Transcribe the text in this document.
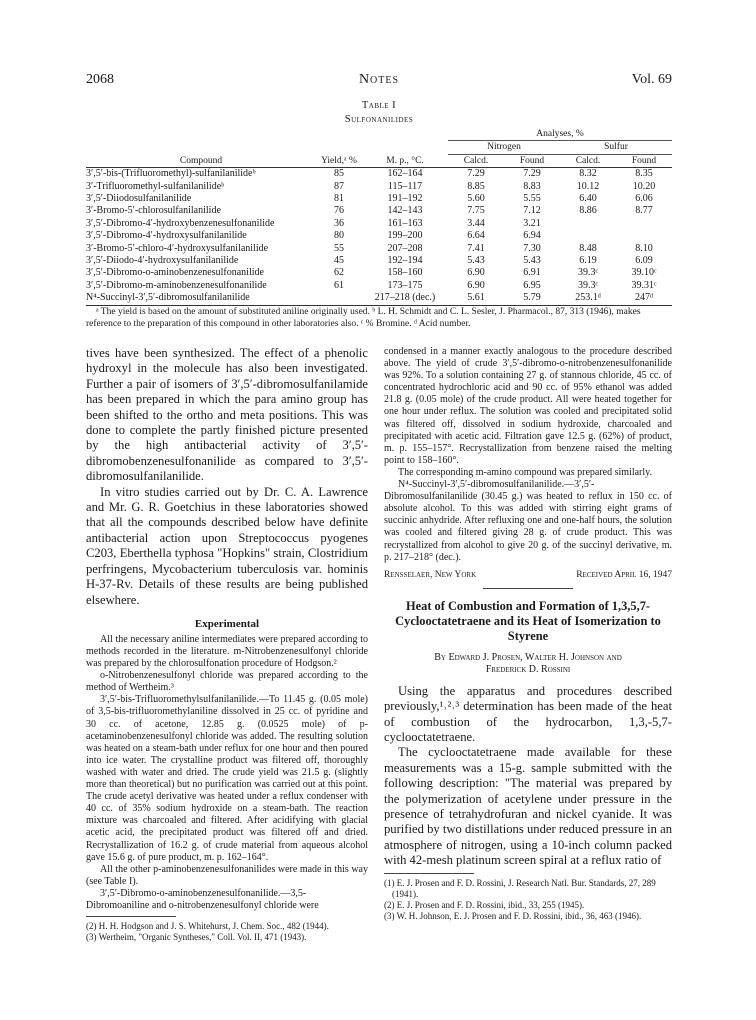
2068	Notes	Vol. 69
Table I
Sulfonanilides
			Analyses, %			
			Nitrogen		Sulfur	
Compound	Yield,ᵃ %	M. p., °C.	Calcd.	Found	Calcd.	Found
3′,5′-bis-(Trifluoromethyl)-sulfanilanilideᵇ	85	162–164	7.29	7.29	8.32	8.35
3′-Trifluoromethyl-sulfanilanilideᵇ	87	115–117	8.85	8.83	10.12	10.20
3′,5′-Diiodosulfanilanilide	81	191–192	5.60	5.55	6.40	6.06
3′-Bromo-5′-chlorosulfanilanilide	76	142–143	7.75	7.12	8.86	8.77
3′,5′-Dibromo-4′-hydroxybenzenesulfonanilide	36	161–163	3.44	3.21		
3′,5′-Dibromo-4′-hydroxysulfanilanilide	80	199–200	6.64	6.94		
3′-Bromo-5′-chloro-4′-hydroxysulfanilanilide	55	207–208	7.41	7.30	8.48	8.10
3′,5′-Diiodo-4′-hydroxysulfanilanilide	45	192–194	5.43	5.43	6.19	6.09
3′,5′-Dibromo-o-aminobenzenesulfonanilide	62	158–160	6.90	6.91	39.3ᶜ	39.10ᶜ
3′,5′-Dibromo-m-aminobenzenesulfonanilide	61	173–175	6.90	6.95	39.3ᶜ	39.31ᶜ
N⁴-Succinyl-3′,5′-dibromosulfanilanilide		217–218 (dec.)	5.61	5.79	253.1ᵈ	247ᵈ
ᵃ The yield is based on the amount of substituted aniline originally used. ᵇ L. H. Schmidt and C. L. Sesler, J. Pharmacol., 87, 313 (1946), makes reference to the preparation of this compound in other laboratories also. ᶜ % Bromine. ᵈ Acid number.

tives have been synthesized. The effect of a phenolic hydroxyl in the molecule has also been investigated. Further a pair of isomers of 3′,5′-dibromosulfanilamide has been prepared in which the para amino group has been shifted to the ortho and meta positions. This was done to complete the partly finished picture presented by the high antibacterial activity of 3′,5′-dibromobenzenesulfonanilide as compared to 3′,5′-dibromosulfanilanilide.

In vitro studies carried out by Dr. C. A. Lawrence and Mr. G. R. Goetchius in these laboratories showed that all the compounds described below have definite antibacterial action upon Streptococcus pyogenes C203, Eberthella typhosa "Hopkins" strain, Clostridium perfringens, Mycobacterium tuberculosis var. hominis H-37-Rv. Details of these results are being published elsewhere.

Experimental

All the necessary aniline intermediates were prepared according to methods recorded in the literature. m-Nitrobenzenesulfonyl chloride was prepared by the chlorosulfonation procedure of Hodgson.²

o-Nitrobenzenesulfonyl chloride was prepared according to the method of Wertheim.³

3′,5′-bis-Trifluoromethylsulfanilanilide.—To 11.45 g. (0.05 mole) of 3,5-bis-trifluoromethylaniline dissolved in 25 cc. of pyridine and 30 cc. of acetone, 12.85 g. (0.0525 mole) of p-acetaminobenzenesulfonyl chloride was added. The resulting solution was heated on a steam-bath under reflux for one hour and then poured into ice water. The crystalline product was filtered off, thoroughly washed with water and dried. The crude yield was 21.5 g. (slightly more than theoretical) but no purification was carried out at this point. The crude acetyl derivative was heated under a reflux condenser with 40 cc. of 35% sodium hydroxide on a steam-bath. The reaction mixture was charcoaled and filtered. After acidifying with glacial acetic acid, the precipitated product was filtered off and dried. Recrystallization of 16.2 g. of crude material from aqueous alcohol gave 15.6 g. of pure product, m. p. 162–164°.

All the other p-aminobenzenesulfonanilides were made in this way (see Table I).

3′,5′-Dibromo-o-aminobenzenesulfonanilide.—3,5-Dibromoaniline and o-nitrobenzenesulfonyl chloride were

(2) H. H. Hodgson and J. S. Whitehurst, J. Chem. Soc., 482 (1944).

(3) Wertheim, "Organic Syntheses," Coll. Vol. II, 471 (1943).

condensed in a manner exactly analogous to the procedure described above. The yield of crude 3′,5′-dibromo-o-nitrobenzenesulfonanilide was 92%. To a solution containing 27 g. of stannous chloride, 45 cc. of concentrated hydrochloric acid and 90 cc. of 95% ethanol was added 21.8 g. (0.05 mole) of the crude product. All were heated together for one hour under reflux. The solution was cooled and precipitated solid was filtered off, dissolved in sodium hydroxide, charcoaled and precipitated with acetic acid. Filtration gave 12.5 g. (62%) of product, m. p. 155–157°. Recrystallization from benzene raised the melting point to 158–160°.

The corresponding m-amino compound was prepared similarly.

N⁴-Succinyl-3′,5′-dibromosulfanilanilide.—3′,5′-Dibromosulfanilanilide (30.45 g.) was heated to reflux in 150 cc. of absolute alcohol. To this was added with stirring eight grams of succinic anhydride. After refluxing one and one-half hours, the solution was cooled and filtered giving 28 g. of crude product. This was recrystallized from alcohol to give 20 g. of the succinyl derivative, m. p. 217–218° (dec.).

Rensselaer, New York	Received April 16, 1947

Heat of Combustion and Formation of 1,3,5,7-Cyclooctatetraene and its Heat of Isomerization to Styrene

By Edward J. Prosen, Walter H. Johnson and

Frederick D. Rossini

Using the apparatus and procedures described previously,¹˒²˒³ determination has been made of the heat of combustion of the hydrocarbon, 1,3,-5,7-cyclooctatetraene.

The cyclooctatetraene made available for these measurements was a 15-g. sample submitted with the following description: "The material was prepared by the polymerization of acetylene under pressure in the presence of tetrahydrofuran and nickel cyanide. It was purified by two distillations under reduced pressure in an atmosphere of nitrogen, using a 10-inch column packed with 42-mesh platinum screen spiral at a reflux ratio of

(1) E. J. Prosen and F. D. Rossini, J. Research Natl. Bur. Standards, 27, 289 (1941).

(2) E. J. Prosen and F. D. Rossini, ibid., 33, 255 (1945).

(3) W. H. Johnson, E. J. Prosen and F. D. Rossini, ibid., 36, 463 (1946).
